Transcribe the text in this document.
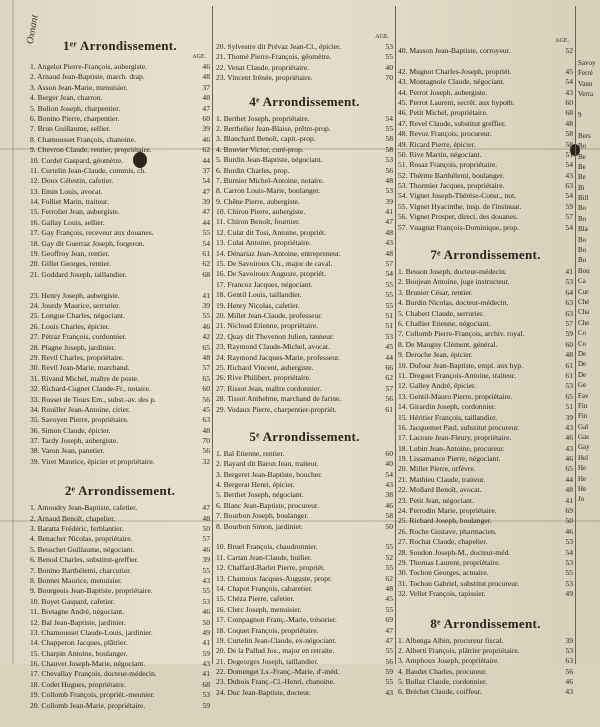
Oxnant
1ᵉʳ Arrondissement.
AGE.
1. Angelot Pierre-François, aubergiste.	46
2. Arnaud Jean-Baptiste, march. drap.	48
3. Asson Jean-Marie, menuisier.	37
4. Berger Jean, charron.	48
5. Bollon Joseph, charpentier.	47
6. Bonino Pierre, charpentier.	60
7. Brun Guillaume, sellier.	39
8. Chamousset François, chanoine.	46
9. Chevron Claude, rentier, propriétaire.	62
10. Cordel Gaspard, géomètre.	44
11. Curtelin Jean-Claude, commis, ch.	37
12. Doux Célestin, cafetier.	54
13. Emin Louis, avocat.	47
14. Folliet Marin, traiteur.	39
15. Ferroliet Jean, aubergiste.	47
16. Gallay Louis, sellier.	44
17. Gay François, receveur aux douanes.	55
18. Gay dit Guerraz Joseph, forgeron.	54
19. Geoffroy Jean, rentier.	61
20. Gillet Georges, rentier.	62
21. Goddard Joseph, taillandier.	68
23. Henry Joseph, aubergiste.	41
24. Jourdy Maurice, serrurier.	39
25. Longue Charles, négociant.	55
26. Louis Charles, épicier.	46
27. Pétraz François, cordonnier.	42
28. Plagne Joseph, jardinier.	65
29. Revil Charles, propriétaire.	48
30. Revil Jean-Marie, marchand.	57
31. Rivand Michel, maître de poste.	65
32. Richard-Cugnet Claude-Fr., notaire.	60
33. Rosset de Tours Em., subst.-av. des p.	56
34. Rouiller Jean-Antoine, cirier.	45
35. Savoyen Pierre, propriétaire.	63
36. Simon Claude, épicier.	48
37. Tardy Joseph, aubergiste.	70
38. Varon Jean, panetier.	56
39. Viret Maurice, épicier et propriétaire.	32
2ᵉ Arrondissement.
1. Amoudry Jean-Baptiste, cafetier.	47
2. Arnaud Benoît, chapelier.	48
3. Baratta Frédéric, ferblantier.	50
4. Benacher Nicolas, propriétaire.	57
5. Besuchet Guillaume, négociant.	46
6. Benod Charles, substitut-greffier.	39
7. Bonino Barthélemi, charcutier.	55
8. Bonnet Maurice, menuisier.	43
9. Bourgeois Jean-Baptiste, propriétaire.	55
10. Boyet Gaspard, cafetier.	53
11. Bretagne André, négociant.	46
12. Bal Jean-Baptiste, jardinier.	50
13. Chamousset Claude-Louis, jardinier.	49
14. Chapperon Jacques, plâtrier.	41
15. Charpin Antoine, boulanger.	59
16. Chauvet Joseph-Marie, négociant.	43
17. Chevallay François, docteur-médecin.	41
18. Codet Hugues, propriétaire.	68
19. Collomb François, propriét.-meunier.	53
20. Collomb Jean-Marie, propriétaire.	59
AGE.
20. Sylvestre dit Prévaz Jean-Cl., épicier.	53
21. Thomé Pierre-François, géomètre.	55
22. Venat Claude, propriétaire.	40
23. Vincent Irénée, propriétaire.	70
4ᵉ Arrondissement.
1. Berthet Joseph, propriétaire.	54
2. Berthelier Jean-Blaise, prêtre-prop.	55
3. Blanchard Benoît, capit.-prop.	58
4. Bouvier Victor, curé-prop.	58
5. Burdin Jean-Baptiste, négociant.	53
6. Burdin Charles, prop.	56
7. Burnier Michel-Antoine, notaire.	48
8. Carron Louis-Marie, boulanger.	53
9. Chêne Pierre, aubergiste.	39
10. Chiron Pierre, aubergiste.	41
11. Chiron Benoît, fournier.	47
12. Culat dit Tosi, Antoine, propriét.	48
13. Culat Antoine, propriétaire.	43
14. Dénariaz Jean-Antoine, entrepreneur.	48
15. De Savoiroux Ch., major de caval.	57
16. De Savoiroux Auguste, propriét.	54
17. Francoz Jacques, négociant.	55
18. Gentil Louis, taillandier.	55
19. Henry Nicolas, cafetier.	55
20. Millet Jean-Claude, professeur.	51
21. Nicloud Etienne, propriétaire.	51
22. Quay dit Thevenon Julien, tanneur.	53
23. Raymond Claude-Michel, avocat.	45
24. Raymond Jacques-Marie, professeur.	44
25. Richard Vincent, aubergiste.	66
26. Rive Philibert, propriétaire.	62
27. Rissot Jean, maître cordonnier.	57
28. Tissot Anthelme, marchand de farine.	56
29. Vodaux Pierre, charpentier-propriét.	61
5ᵉ Arrondissement.
1. Bal Etienne, rentier.	60
2. Bayard dit Baron Jean, traiteur.	40
3. Bergeret Jean-Baptiste, boucher.	54
4. Bergerat Henri, épicier.	43
5. Berthet Joseph, négociant.	38
6. Blanc Jean-Baptiste, procureur.	46
7. Bourbon Joseph, boulanger.	58
8. Bourbon Simon, jardinier.	50
10. Bruel François, chaudronnier.	55
11. Cartan Jean-Claude, huilier.	52
12. Chaffard-Barlet Pierre, propriét.	55
13. Chamoux Jacques-Auguste, propr.	62
14. Chapot François, cabaretier.	48
15. Chéza Pierre, cafetier.	45
16. Clerc Joseph, menuisier.	55
17. Compagnon Franç.-Marie, trésorier.	69
18. Coquet François, propriétaire.	47
19. Curtelin Jean-Claude, ex-négociant.	47
20. De la Pallud Jos., major en retraite.	55
21. Degeorges Joseph, taillandier.	56
22. Domenget Ls.-Franç.-Marie, d'-méd.	59
23. Dubois Franç.-Cl.-Henri, chanoine.	55
24. Duc Jean-Baptiste, docteur.	43
AGE.
40. Masson Jean-Baptiste, corroyeur.	52
42. Mugnot Charles-Joseph, propriét.	45
43. Montagnole Claude, négociant.	54
44. Perrot Joseph, aubergiste.	43
45. Perrot Laurent, secrét. aux hypoth.	60
46. Petit Michel, propriétaire.	68
47. Revel Claude, substitut greffier.	48
48. Revoz François, procureur.	58
49. Ricard Pierre, épicier.	58
50. Rive Martin, négociant.	51
51. Rosaz François, propriétaire.	54
52. Thérme Barthélemi, boulanger.	43
53. Thormier Jacques, propriétaire.	63
54. Vignet Joseph-Thérèse-Const., not.	54
55. Vignet Hyacinthe, insp. de l'insinuat.	59
56. Vignet Prosper, direct. des douanes.	57
57. Vuagnat François-Dominique, prop.	54
7ᵉ Arrondissement.
1. Besson Joseph, docteur-médecin.	41
2. Boujean Antoine, juge instructeur.	53
3. Brunier César, rentier.	64
4. Burdin Nicolas, docteur-médecin.	63
5. Chabert Claude, serrurier.	63
6. Challier Etienne, négociant.	57
7. Collomb Pierre-François, archiv. royal.	59
8. De Maugny Clément, général.	60
9. Deroche Jean, épicier.	48
10. Dufour Jean-Baptiste, empl. aux hyp.	61
11. Dreguet François-Antoine, traiteur.	61
12. Galley André, épicier.	53
13. Gentil-Mauro Pierre, propriétaire.	65
14. Girardin Joseph, cordonnier.	51
15. Héritier François, taillandier.	39
16. Jacquemet Paul, substitut procureur.	43
17. Lacoste Jean-Fleury, propriétaire.	46
18. Lubin Jean-Antoine, procureur.	43
19. Lissamance Pierre, négociant.	46
20. Millet Pierre, orfèvre.	65
21. Mathieu Claude, traiteur.	44
22. Mollard Benoît, avocat.	48
23. Petit Jean, négociant.	41
24. Perrodin Marie, propriétaire.	69
25. Richard Joseph, boulanger.	50
26. Roche Gustave, pharmacien.	46
27. Rochat Claude, chapelier.	53
28. Soudon Joseph-M., docteur-méd.	54
29. Thomas Laurent, propriétaire.	53
30. Tochon Georges, actuaire.	55
31. Tochon Gabriel, substitut procureur.	53
32. Vellet François, tapissier.	49
8ᵉ Arrondissement.
1. Albenga Albin, procureur fiscal.	39
2. Alberti François, plâtrier propriétaire.	53
3. Amphoux Joseph, propriétaire.	63
4. Baudet Charles, procureur.	56
5. Bollaz Claude, cordonnier.	46
6. Bréchet Claude, coiffeur.	43
Savoy
Ferré
Vann
Verra
9
Bers
Bo
Be
Be
Be
Bi
Bill
Bo
Bo
Bla
Bo
Bo
Bo
Bou
Ca
Cur
Ché
Cha
Che
Co
Co
De
De
De
Ge
Fav
Fin
Fin
Gal
Gas
Gay
Hel
He
He
He
Jo
